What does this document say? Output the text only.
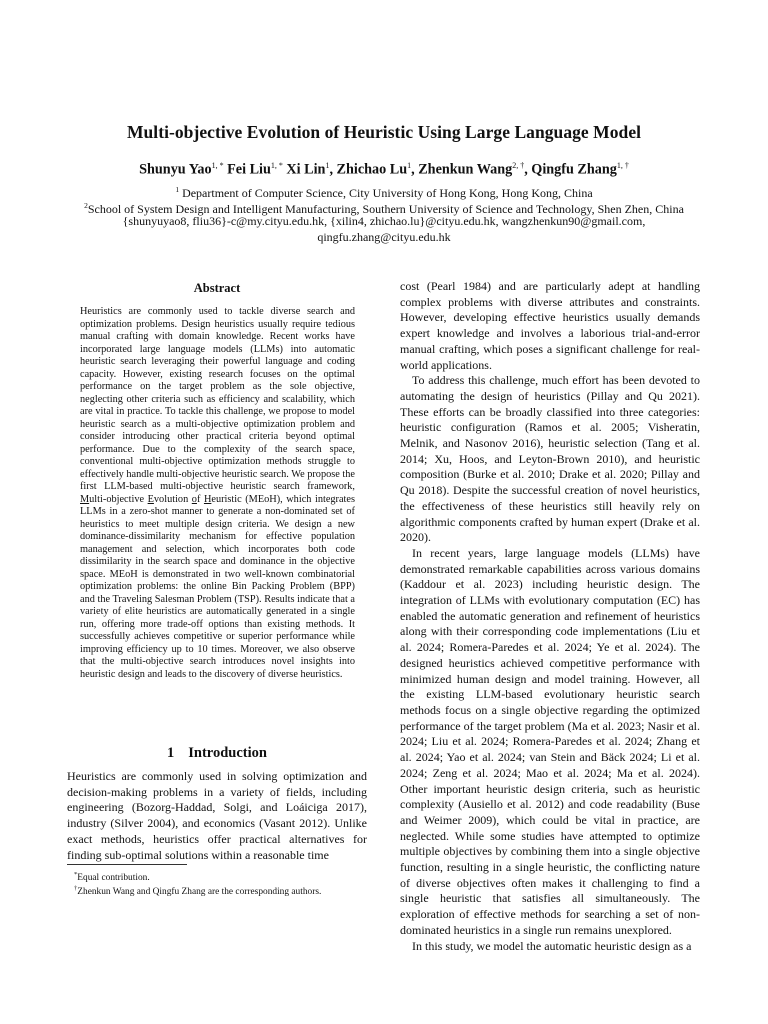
Multi-objective Evolution of Heuristic Using Large Language Model
Shunyu Yao$^{1, *}$ Fei Liu$^{1, *}$ Xi Lin$^1$, Zhichao Lu$^1$, Zhenkun Wang$^{2, \dagger}$, Qingfu Zhang$^{1, \dagger}$
$^1$ Department of Computer Science, City University of Hong Kong, Hong Kong, China
$^2$School of System Design and Intelligent Manufacturing, Southern University of Science and Technology, Shen Zhen, China
{shunyuyao8, fliu36}-c@my.cityu.edu.hk, {xilin4, zhichao.lu}@cityu.edu.hk, wangzhenkun90@gmail.com,
qingfu.zhang@cityu.edu.hk
Abstract
Heuristics are commonly used to tackle diverse search and optimization problems. Design heuristics usually require tedious manual crafting with domain knowledge. Recent works have incorporated large language models (LLMs) into automatic heuristic search leveraging their powerful language and coding capacity. However, existing research focuses on the optimal performance on the target problem as the sole objective, neglecting other criteria such as efficiency and scalability, which are vital in practice. To tackle this challenge, we propose to model heuristic search as a multi-objective optimization problem and consider introducing other practical criteria beyond optimal performance. Due to the complexity of the search space, conventional multi-objective optimization methods struggle to effectively handle multi-objective heuristic search. We propose the first LLM-based multi-objective heuristic search framework, Multi-objective Evolution of Heuristic (MEoH), which integrates LLMs in a zero-shot manner to generate a non-dominated set of heuristics to meet multiple design criteria. We design a new dominance-dissimilarity mechanism for effective population management and selection, which incorporates both code dissimilarity in the search space and dominance in the objective space. MEoH is demonstrated in two well-known combinatorial optimization problems: the online Bin Packing Problem (BPP) and the Traveling Salesman Problem (TSP). Results indicate that a variety of elite heuristics are automatically generated in a single run, offering more trade-off options than existing methods. It successfully achieves competitive or superior performance while improving efficiency up to 10 times. Moreover, we also observe that the multi-objective search introduces novel insights into heuristic design and leads to the discovery of diverse heuristics.
1 Introduction
Heuristics are commonly used in solving optimization and decision-making problems in a variety of fields, including engineering (Bozorg-Haddad, Solgi, and Loáiciga 2017), industry (Silver 2004), and economics (Vasant 2012). Unlike exact methods, heuristics offer practical alternatives for finding sub-optimal solutions within a reasonable time
*Equal contribution.
†Zhenkun Wang and Qingfu Zhang are the corresponding authors.

cost (Pearl 1984) and are particularly adept at handling complex problems with diverse attributes and constraints. However, developing effective heuristics usually demands expert knowledge and involves a laborious trial-and-error manual crafting, which poses a significant challenge for real-world applications.

To address this challenge, much effort has been devoted to automating the design of heuristics (Pillay and Qu 2021). These efforts can be broadly classified into three categories: heuristic configuration (Ramos et al. 2005; Visheratin, Melnik, and Nasonov 2016), heuristic selection (Tang et al. 2014; Xu, Hoos, and Leyton-Brown 2010), and heuristic composition (Burke et al. 2010; Drake et al. 2020; Pillay and Qu 2018). Despite the successful creation of novel heuristics, the effectiveness of these heuristics still heavily rely on algorithmic components crafted by human expert (Drake et al. 2020).

In recent years, large language models (LLMs) have demonstrated remarkable capabilities across various domains (Kaddour et al. 2023) including heuristic design. The integration of LLMs with evolutionary computation (EC) has enabled the automatic generation and refinement of heuristics along with their corresponding code implementations (Liu et al. 2024; Romera-Paredes et al. 2024; Ye et al. 2024). The designed heuristics achieved competitive performance with minimized human design and model training. However, all the existing LLM-based evolutionary heuristic search methods focus on a single objective regarding the optimized performance of the target problem (Ma et al. 2023; Nasir et al. 2024; Liu et al. 2024; Romera-Paredes et al. 2024; Zhang et al. 2024; Yao et al. 2024; van Stein and Bäck 2024; Li et al. 2024; Zeng et al. 2024; Mao et al. 2024; Ma et al. 2024). Other important heuristic design criteria, such as heuristic complexity (Ausiello et al. 2012) and code readability (Buse and Weimer 2009), which could be vital in practice, are neglected. While some studies have attempted to optimize multiple objectives by combining them into a single objective function, resulting in a single heuristic, the conflicting nature of diverse objectives often makes it challenging to find a single heuristic that satisfies all simultaneously. The exploration of effective methods for searching a set of non-dominated heuristics in a single run remains unexplored.

In this study, we model the automatic heuristic design as a
